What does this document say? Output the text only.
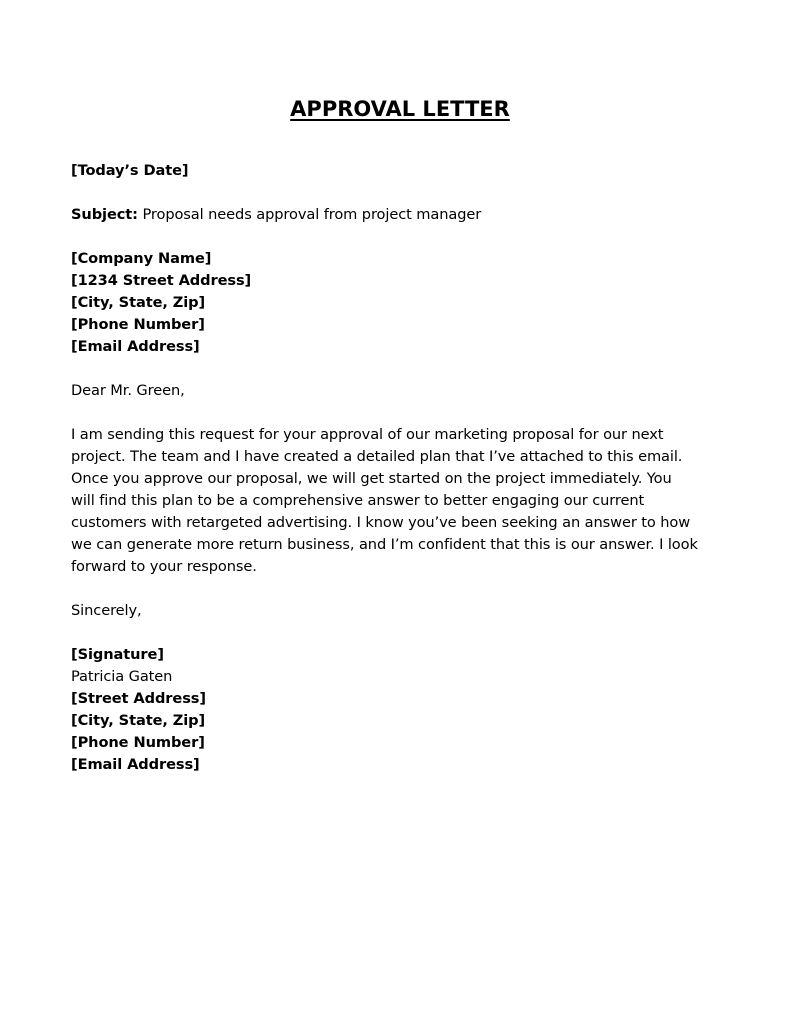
APPROVAL LETTER
[Today’s Date]
Subject: Proposal needs approval from project manager
[Company Name]
[1234 Street Address]
[City, State, Zip]
[Phone Number]
[Email Address]
Dear Mr. Green,
I am sending this request for your approval of our marketing proposal for our next
project. The team and I have created a detailed plan that I’ve attached to this email.
Once you approve our proposal, we will get started on the project immediately. You
will find this plan to be a comprehensive answer to better engaging our current
customers with retargeted advertising. I know you’ve been seeking an answer to how
we can generate more return business, and I’m confident that this is our answer. I look
forward to your response.
Sincerely,
[Signature]
Patricia Gaten
[Street Address]
[City, State, Zip]
[Phone Number]
[Email Address]
